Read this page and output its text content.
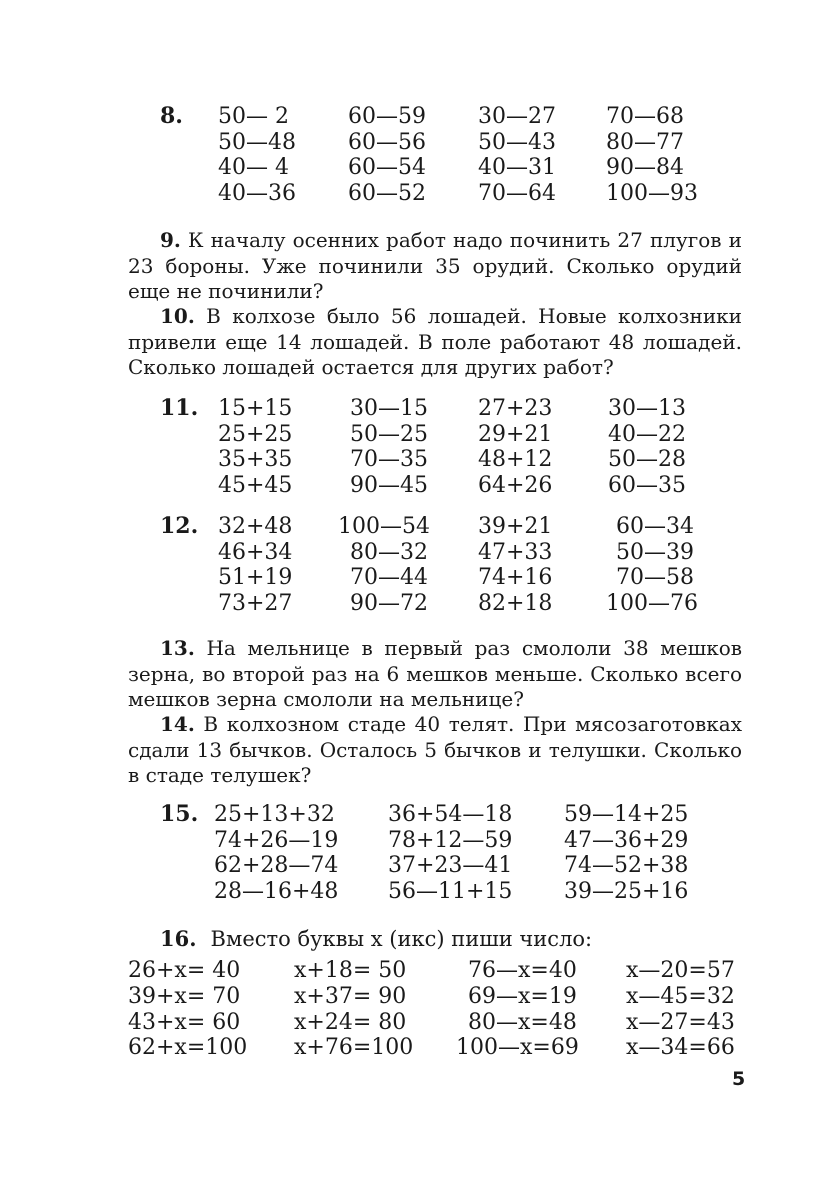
8. 50— 2
50—48
40— 4
40—36
60—59
60—56
60—54
60—52
30—27
50—43
40—31
70—64
70—68
80—77
90—84
100—93
9. К началу осенних работ надо починить 27 плугов и 23 бороны. Уже починили 35 орудий. Сколько орудий еще не починили?
10. В колхозе было 56 лошадей. Новые колхозники привели еще 14 лошадей. В поле работают 48 лошадей. Сколько лошадей остается для других работ?
11. 15+15
25+25
35+35
45+45
30—15
50—25
70—35
90—45
27+23
29+21
48+12
64+26
30—13
40—22
50—28
60—35
12. 32+48
46+34
51+19
73+27
100—54
80—32
70—44
90—72
39+21
47+33
74+16
82+18
60—34
50—39
70—58
100—76
13. На мельнице в первый раз смололи 38 мешков зерна, во второй раз на 6 мешков меньше. Сколько всего мешков зерна смололи на мельнице?
14. В колхозном стаде 40 телят. При мясозаготовках сдали 13 бычков. Осталось 5 бычков и телушки. Сколько в стаде телушек?
15. 25+13+32
74+26—19
62+28—74
28—16+48
36+54—18
78+12—59
37+23—41
56—11+15
59—14+25
47—36+29
74—52+38
39—25+16
16. Вместо буквы x (икс) пиши число:
26+x= 40
39+x= 70
43+x= 60
62+x=100
x+18= 50
x+37= 90
x+24= 80
x+76=100
76—x=40
69—x=19
80—x=48
100—x=69
x—20=57
x—45=32
x—27=43
x—34=66
5
